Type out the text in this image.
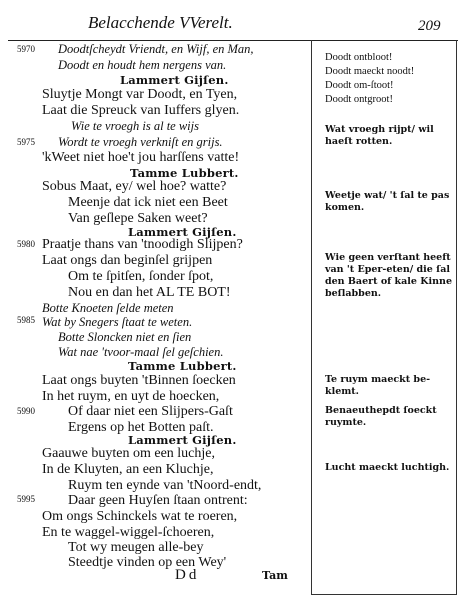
Belacchende VVerelt.	209
5970
5975
5980
5985
5990
5995
Doodtſcheydt Vriendt, en Wijf, en Man,
Doodt en houdt hem nergens van.
Lammert Gijſen.
Sluytje Mongt var Doodt, en Tyen,
Laat die Spreuck van Iuffers glyen.
Wie te vroegh is al te wijs
Wordt te vroegh verkniſt en grijs.
'kWeet niet hoe't jou harſſens vatte!
Tamme Lubbert.
Sobus Maat, ey/ wel hoe? watte?
Meenje dat ick niet een Beet
Van geſlepe Saken weet?
Lammert Gijſen.
Praatje thans van 'tnoodigh Slijpen?
Laat ongs dan beginſel grijpen
Om te ſpitſen, ſonder ſpot,
Nou en dan het AL TE BOT!
Botte Knoeten ſelde meten
Wat by Snegers ſtaat te weten.
Botte Sloncken niet en ſien
Wat nae 'tvoor-maal ſel geſchien.
Tamme Lubbert.
Laat ongs buyten 'tBinnen ſoecken
In het ruym, en uyt de hoecken,
Of daar niet een Slijpers-Gaſt
Ergens op het Botten paſt.
Lammert Gijſen.
Gaauwe buyten om een luchje,
In de Kluyten, an een Kluchje,
Ruym ten eynde van 'tNoord-endt,
Daar geen Huyſen ſtaan ontrent:
Om ongs Schinckels wat te roeren,
En te waggel-wiggel-ſchoeren,
Tot wy meugen alle-bey
Steedtje vinden op een Wey'
Doodt ontbloot!
Doodt maeckt noodt!
Doodt om-ſtoot!
Doodt ontgroot!
Wat vroegh rijpt/ wil
haeſt rotten.
Weetje wat/ 't ſal te pas
komen.
Wie geen verſtant heeft
van 't Eper-eten/ die ſal
den Baert of kale Kinne
beſlabben.
Te ruym maeckt be-
klemt.
Benaeuthepdt ſoeckt
ruymte.
Lucht maeckt luchtigh.
Dd	Tam
